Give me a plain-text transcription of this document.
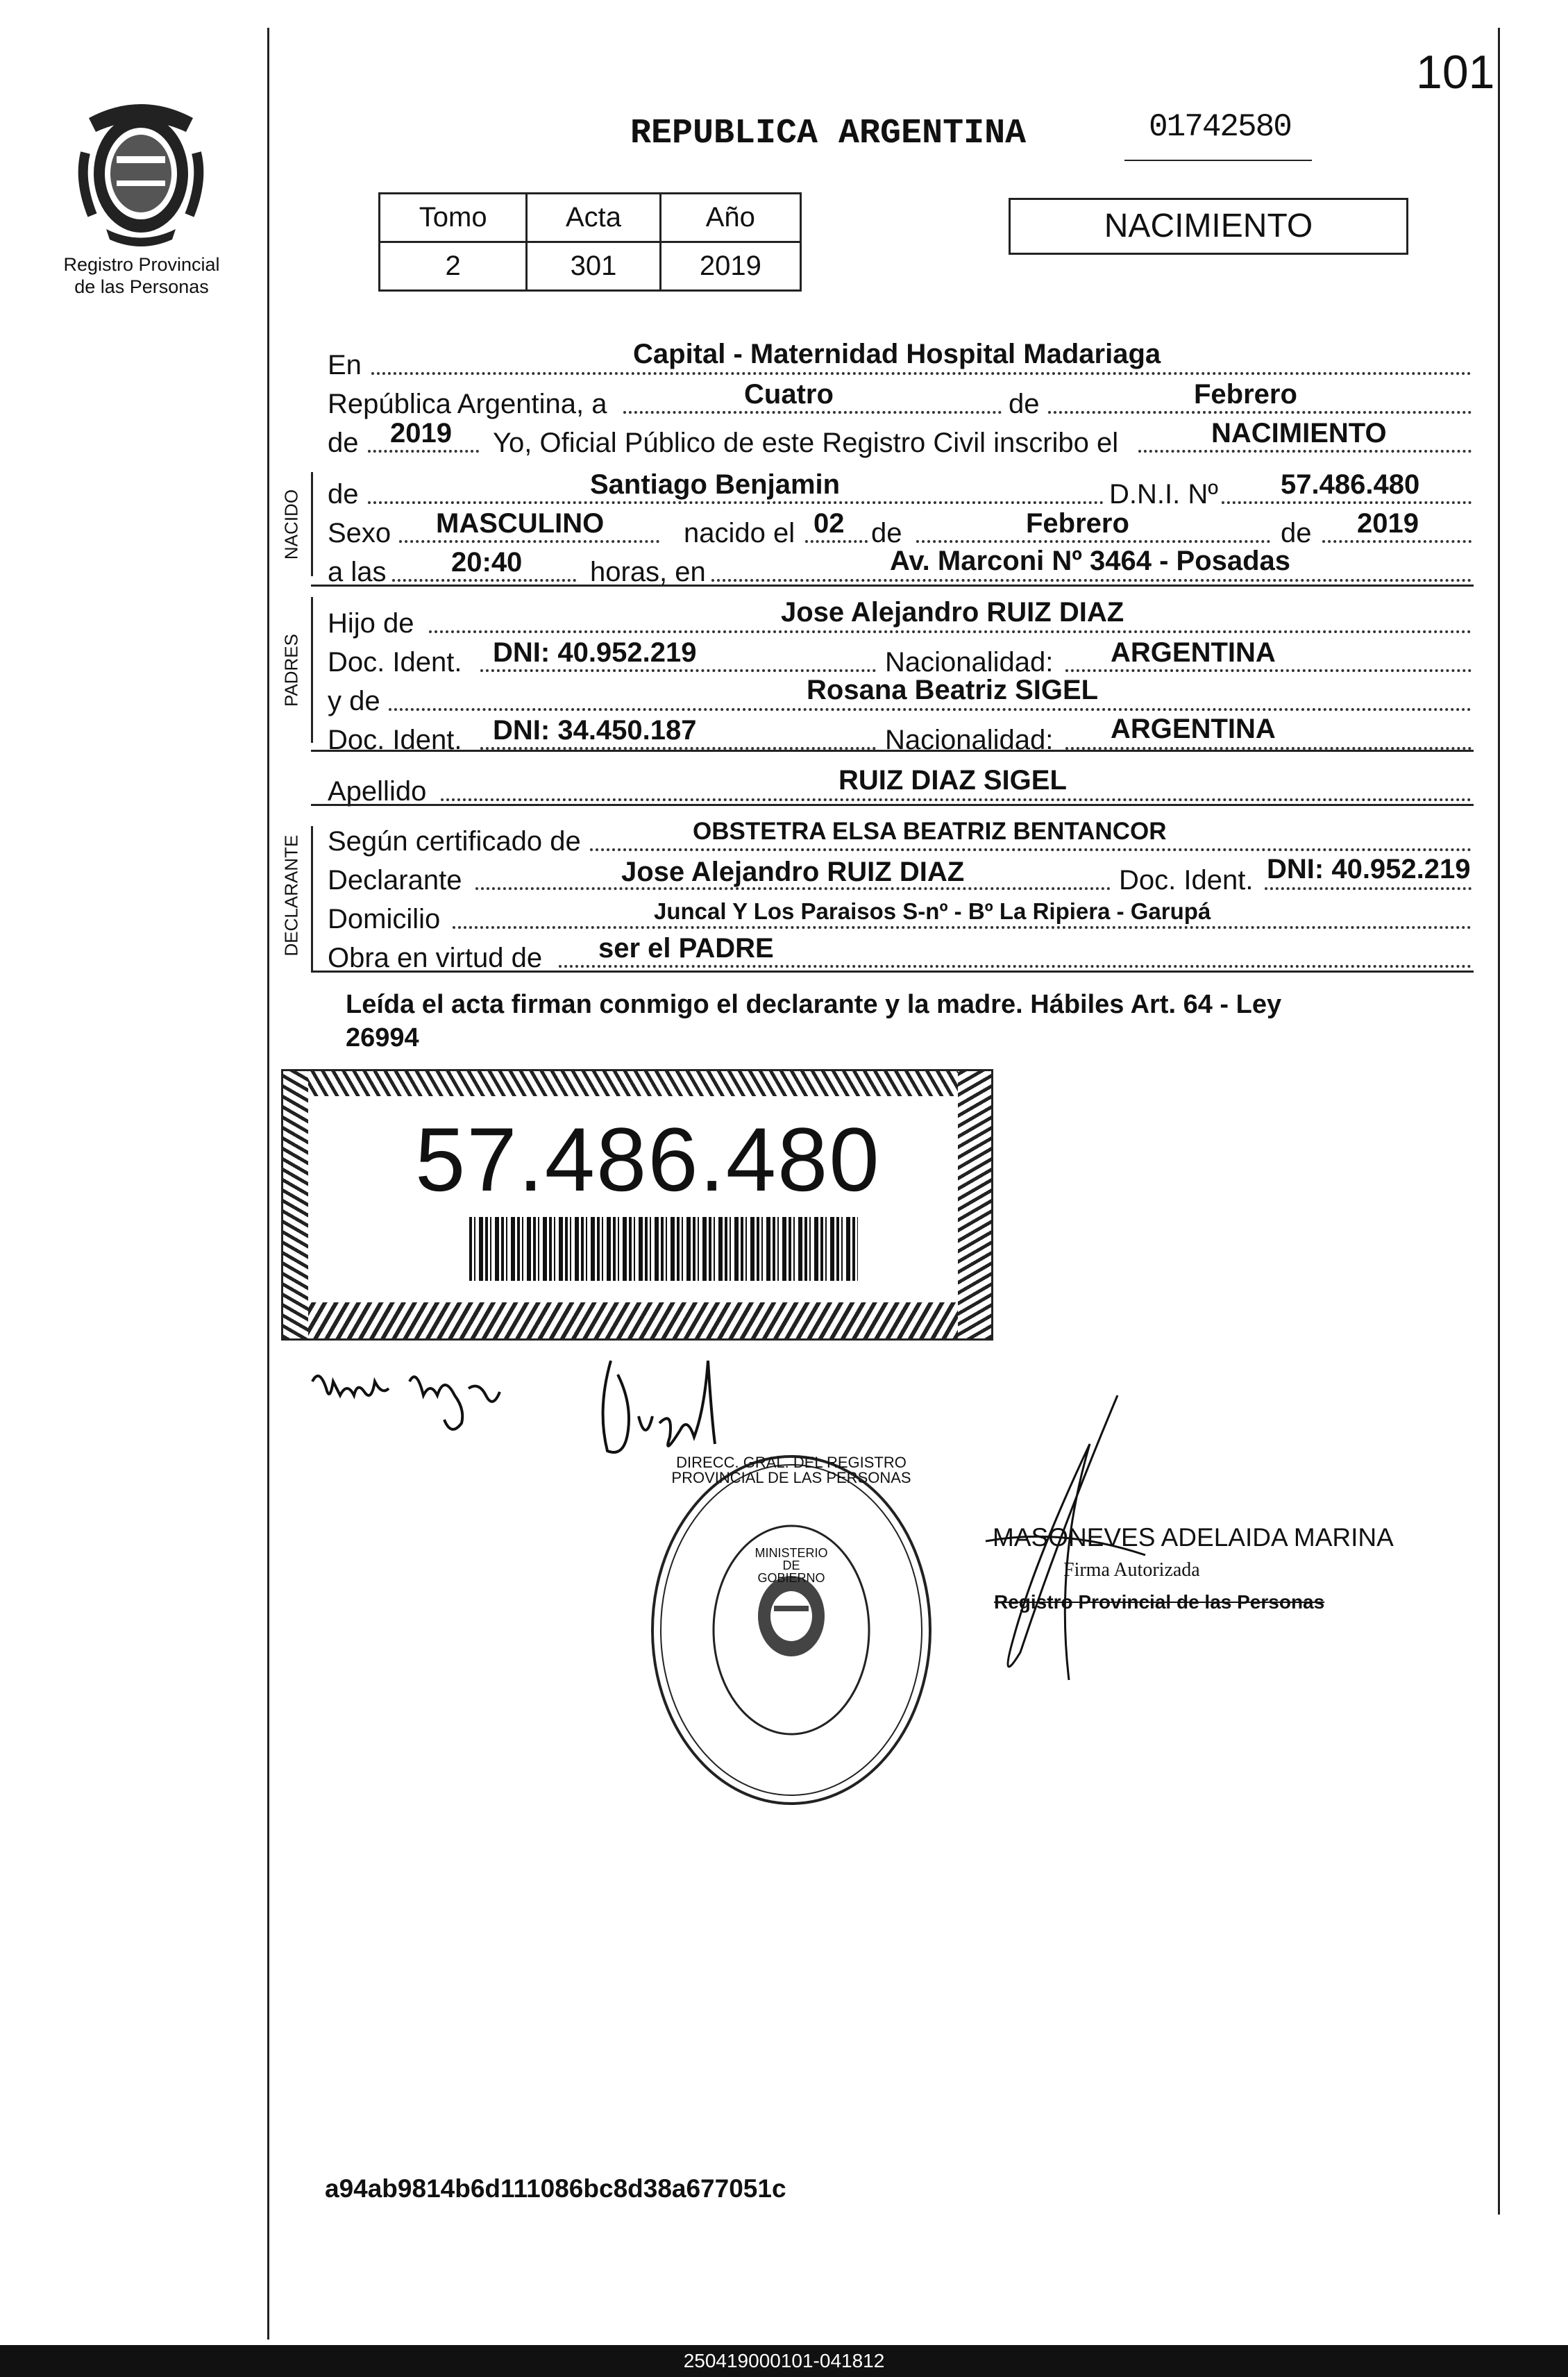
101
Registro Provincial
de las Personas
REPUBLICA ARGENTINA	01742580
Tomo	Acta	Año
2	301	2019
NACIMIENTO
En	Capital - Maternidad Hospital Madariaga
República Argentina, a	Cuatro	de	Febrero
de 2019 Yo, Oficial Público de este Registro Civil inscribo el	NACIMIENTO
NACIDO de	Santiago Benjamin	D.N.I. Nº 57.486.480
Sexo MASCULINO	nacido el 02 de	Febrero	de 2019
a las 20:40 horas, en	Av. Marconi Nº 3464 - Posadas
PADRES
Hijo de	Jose Alejandro RUIZ DIAZ
Doc. Ident. DNI: 40.952.219	Nacionalidad: ARGENTINA
y de	Rosana Beatriz SIGEL
Doc. Ident. DNI: 34.450.187	Nacionalidad: ARGENTINA
Apellido	RUIZ DIAZ SIGEL
DECLARANTE Según certificado de	OBSTETRA ELSA BEATRIZ BENTANCOR
Declarante	Jose Alejandro RUIZ DIAZ	Doc. Ident. DNI: 40.952.219
Domicilio	Juncal Y Los Paraisos S-nº - Bº La Ripiera - Garupá
Obra en virtud de ser el PADRE
Leída el acta firman conmigo el declarante y la madre. Hábiles Art. 64 - Ley
26994
57.486.480
DIRECC. GRAL. DEL REGISTRO PROVINCIAL DE LAS PERSONAS
MINISTERIO DE GOBIERNO
MASONEVES ADELAIDA MARINA
Firma Autorizada
Registro Provincial de las Personas
a94ab9814b6d111086bc8d38a677051c
250419000101-041812
